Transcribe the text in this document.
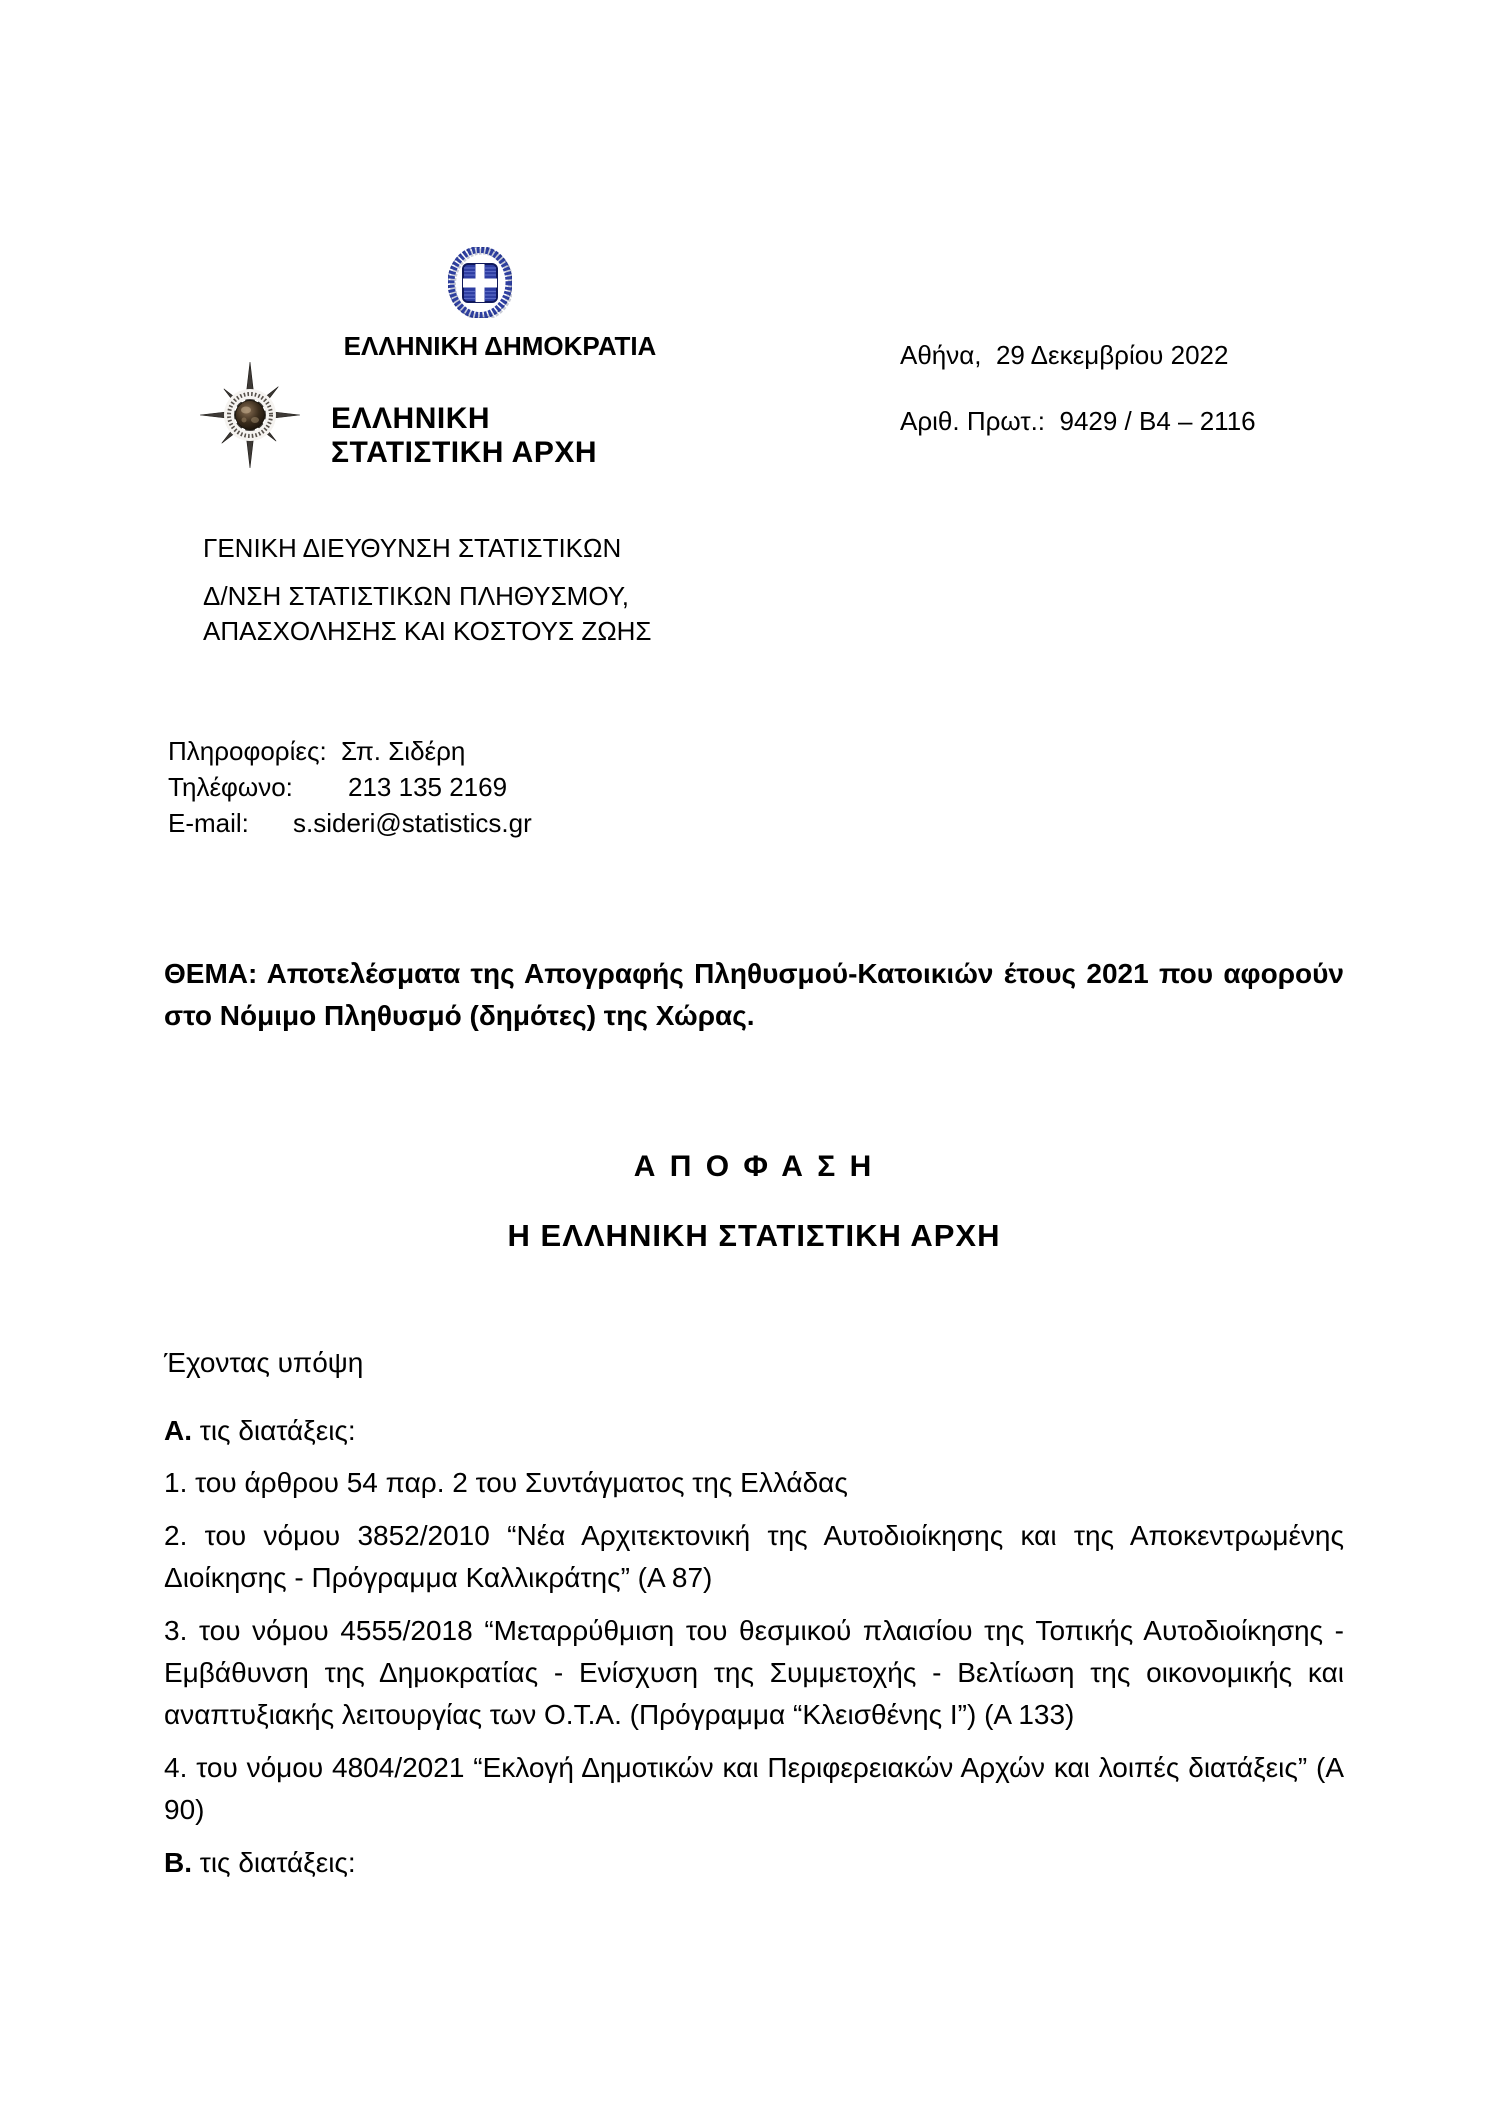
ΕΛΛΗΝΙΚΗ ΔΗΜΟΚΡΑΤΙΑ	Αθήνα,  29 Δεκεμβρίου 2022
ΕΛΛΗΝΙΚΗ ΣΤΑΤΙΣΤΙΚΗ ΑΡΧΗ
Αριθ. Πρωτ.:  9429 / Β4 – 2116
ΓΕΝΙΚΗ ΔΙΕΥΘΥΝΣΗ ΣΤΑΤΙΣΤΙΚΩΝ
Δ/ΝΣΗ ΣΤΑΤΙΣΤΙΚΩΝ ΠΛΗΘΥΣΜΟΥ,
ΑΠΑΣΧΟΛΗΣΗΣ ΚΑΙ ΚΟΣΤΟΥΣ ΖΩΗΣ
Πληροφορίες: Σπ. Σιδέρη
Τηλέφωνο:	213 135 2169
E-mail:	s.sideri@statistics.gr
ΘΕΜΑ: Αποτελέσματα της Απογραφής Πληθυσμού-Κατοικιών έτους 2021 που αφορούν στο Νόμιμο Πληθυσμό (δημότες) της Χώρας.
Α Π Ο Φ Α Σ Η
Η ΕΛΛΗΝΙΚΗ ΣΤΑΤΙΣΤΙΚΗ ΑΡΧΗ

Έχοντας υπόψη

Α. τις διατάξεις:

1. του άρθρου 54 παρ. 2 του Συντάγματος της Ελλάδας

2. του νόμου 3852/2010 “Νέα Αρχιτεκτονική της Αυτοδιοίκησης και της Αποκεντρωμένης Διοίκησης - Πρόγραμμα Καλλικράτης” (Α 87)

3. του νόμου 4555/2018 “Μεταρρύθμιση του θεσμικού πλαισίου της Τοπικής Αυτοδιοίκησης - Εμβάθυνση της Δημοκρατίας - Ενίσχυση της Συμμετοχής - Βελτίωση της οικονομικής και αναπτυξιακής λειτουργίας των Ο.Τ.Α. (Πρόγραμμα “Κλεισθένης Ι”) (Α 133)

4. του νόμου 4804/2021 “Εκλογή Δημοτικών και Περιφερειακών Αρχών και λοιπές διατάξεις” (Α 90)

Β. τις διατάξεις:
